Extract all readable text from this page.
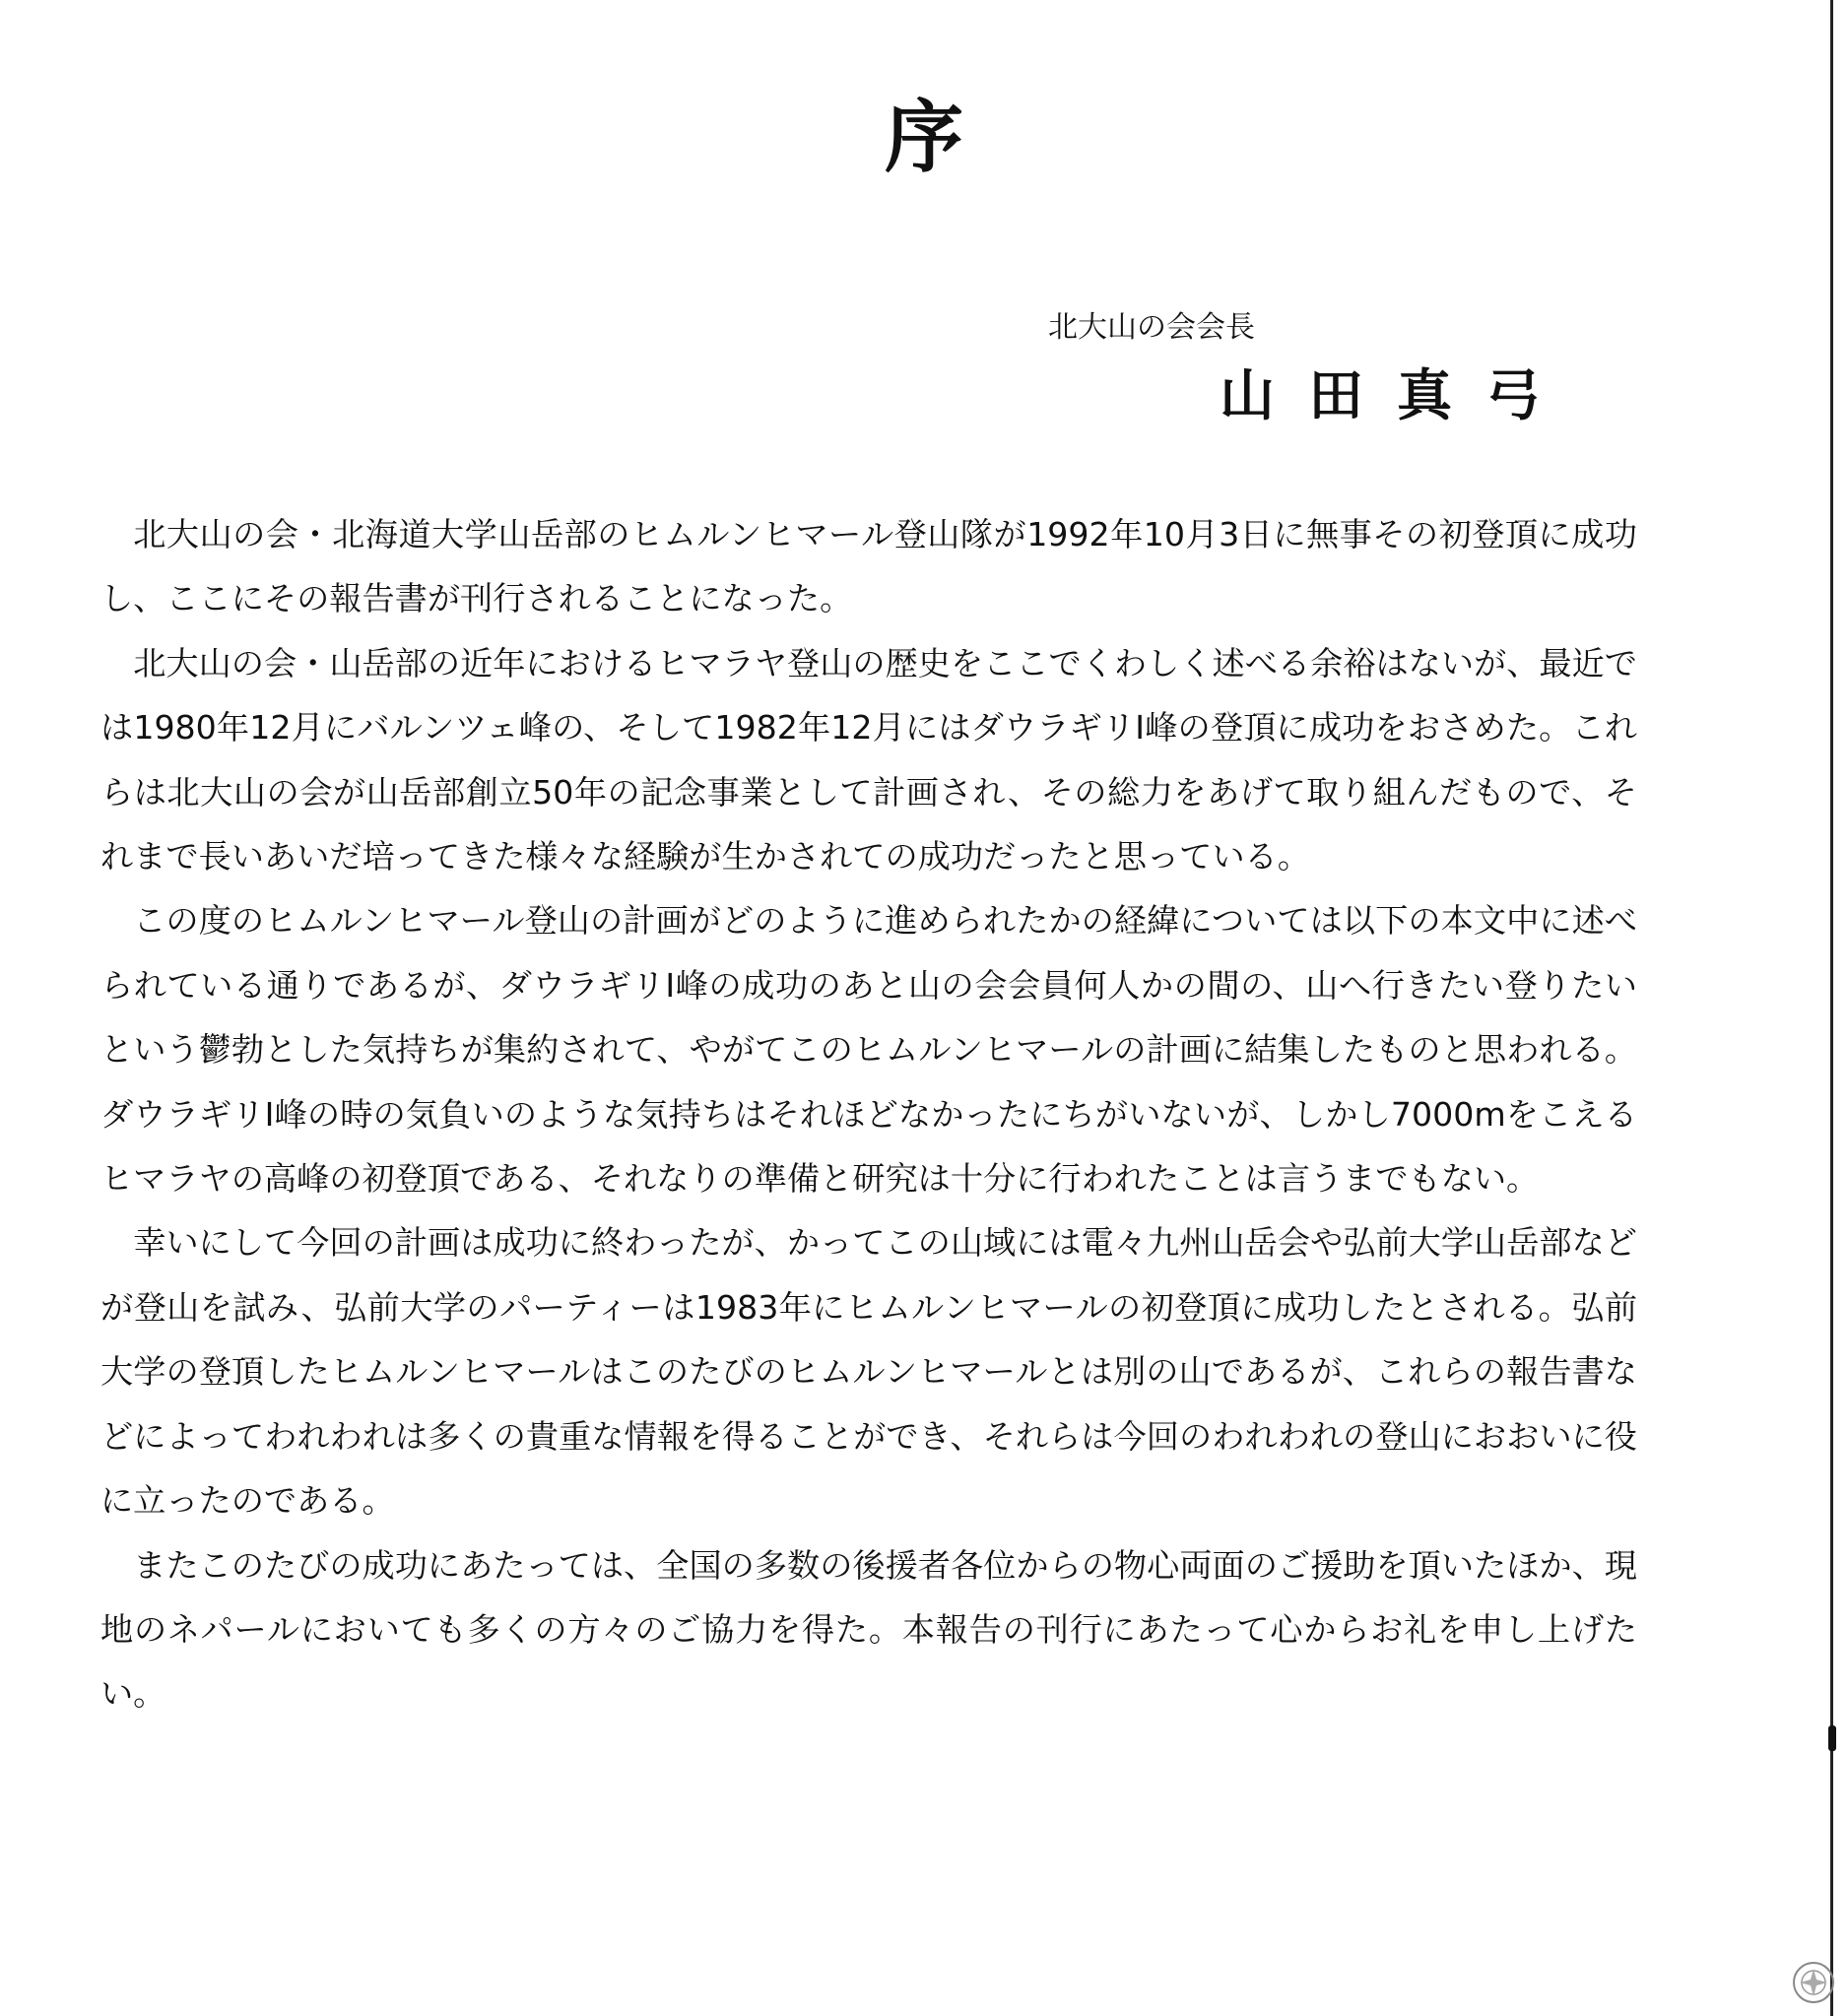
序
北大山の会会長
山田真弓

北大山の会・北海道大学山岳部のヒムルンヒマール登山隊が1992年10月3日に無事その初登頂に成功し、ここにその報告書が刊行されることになった。

北大山の会・山岳部の近年におけるヒマラヤ登山の歴史をここでくわしく述べる余裕はないが、最近では1980年12月にバルンツェ峰の、そして1982年12月にはダウラギリⅠ峰の登頂に成功をおさめた。これらは北大山の会が山岳部創立50年の記念事業として計画され、その総力をあげて取り組んだもので、それまで長いあいだ培ってきた様々な経験が生かされての成功だったと思っている。

この度のヒムルンヒマール登山の計画がどのように進められたかの経緯については以下の本文中に述べられている通りであるが、ダウラギリⅠ峰の成功のあと山の会会員何人かの間の、山へ行きたい登りたいという鬱勃とした気持ちが集約されて、やがてこのヒムルンヒマールの計画に結集したものと思われる。ダウラギリⅠ峰の時の気負いのような気持ちはそれほどなかったにちがいないが、しかし7000mをこえるヒマラヤの高峰の初登頂である、それなりの準備と研究は十分に行われたことは言うまでもない。

幸いにして今回の計画は成功に終わったが、かってこの山域には電々九州山岳会や弘前大学山岳部などが登山を試み、弘前大学のパーティーは1983年にヒムルンヒマールの初登頂に成功したとされる。弘前大学の登頂したヒムルンヒマールはこのたびのヒムルンヒマールとは別の山であるが、これらの報告書などによってわれわれは多くの貴重な情報を得ることができ、それらは今回のわれわれの登山におおいに役に立ったのである。

またこのたびの成功にあたっては、全国の多数の後援者各位からの物心両面のご援助を頂いたほか、現地のネパールにおいても多くの方々のご協力を得た。本報告の刊行にあたって心からお礼を申し上げたい。
